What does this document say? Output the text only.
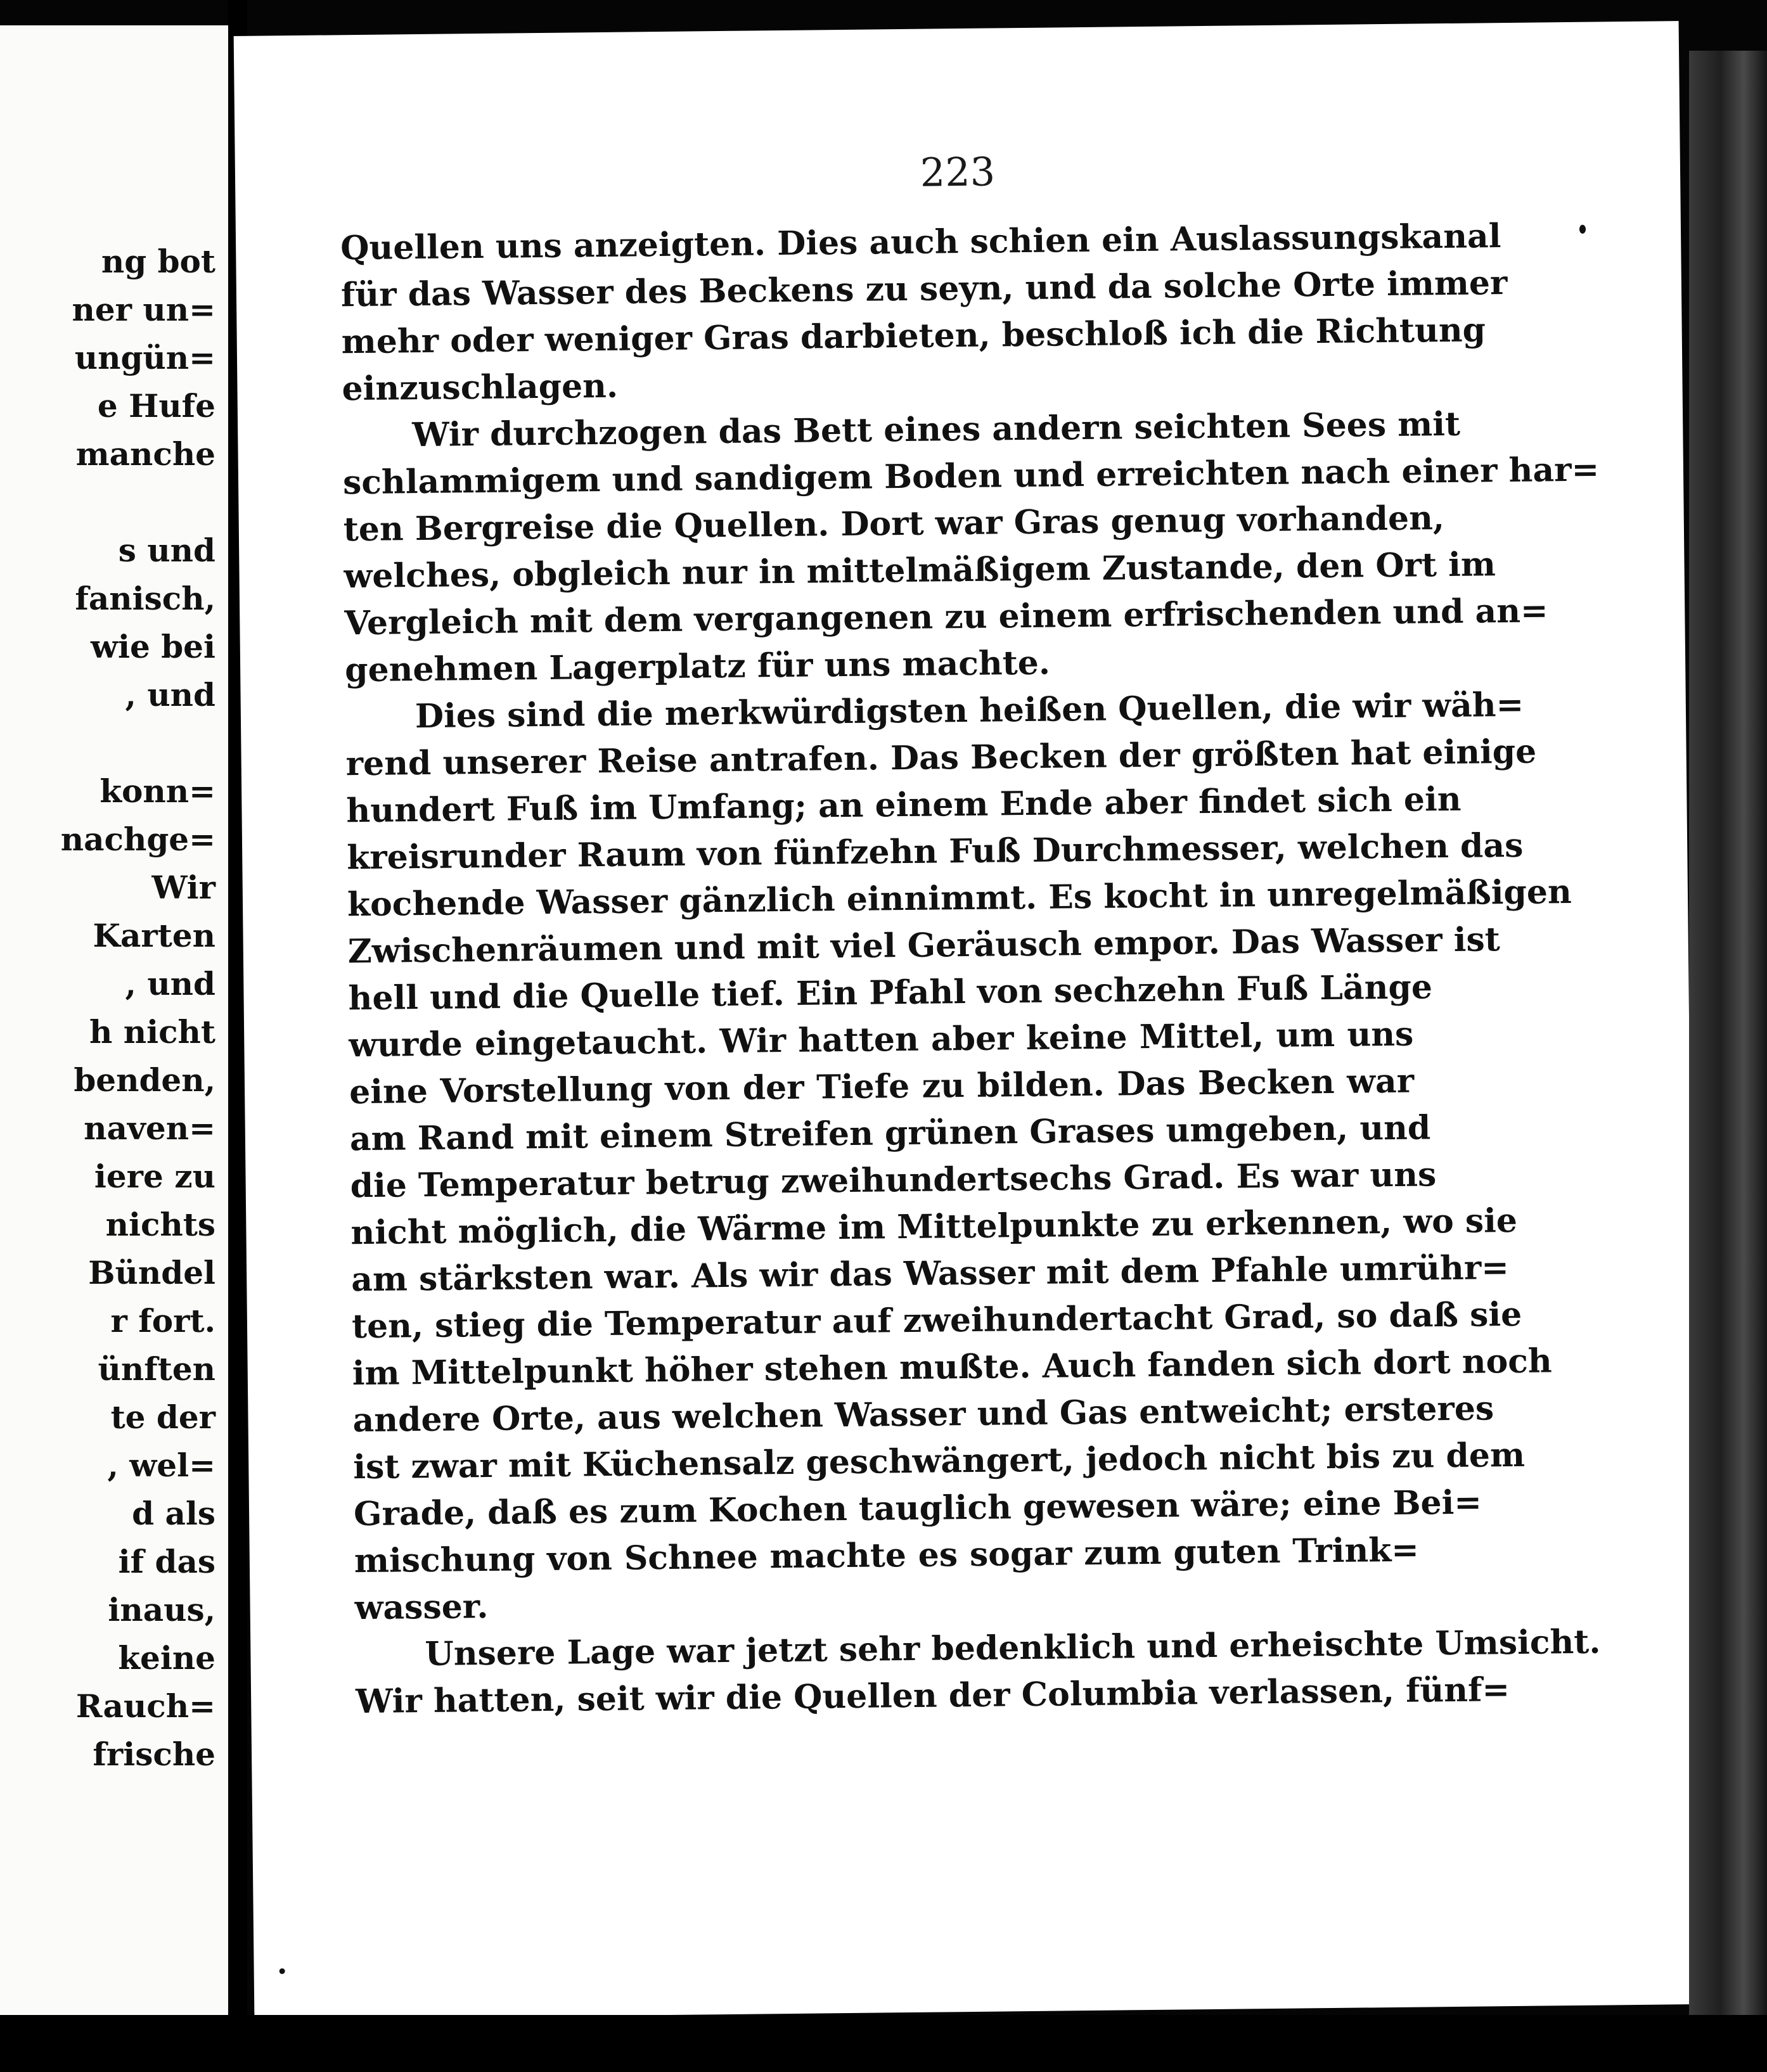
ng bot
ner un=
ungün=
e Hufe
manche
s und
fanisch,
wie bei
, und
konn=
nachge=
Wir
Karten
, und
h nicht
benden,
naven=
iere zu
nichts
Bündel
r fort.
ünften
te der
, wel=
d als
if das
inaus,
keine
Rauch=
frische
223
Quellen uns anzeigten. Dies auch schien ein Auslassungskanal
für das Wasser des Beckens zu seyn, und da solche Orte immer
mehr oder weniger Gras darbieten, beschloß ich die Richtung
einzuschlagen.
Wir durchzogen das Bett eines andern seichten Sees mit
schlammigem und sandigem Boden und erreichten nach einer har=
ten Bergreise die Quellen. Dort war Gras genug vorhanden,
welches, obgleich nur in mittelmäßigem Zustande, den Ort im
Vergleich mit dem vergangenen zu einem erfrischenden und an=
genehmen Lagerplatz für uns machte.
Dies sind die merkwürdigsten heißen Quellen, die wir wäh=
rend unserer Reise antrafen. Das Becken der größten hat einige
hundert Fuß im Umfang; an einem Ende aber findet sich ein
kreisrunder Raum von fünfzehn Fuß Durchmesser, welchen das
kochende Wasser gänzlich einnimmt. Es kocht in unregelmäßigen
Zwischenräumen und mit viel Geräusch empor. Das Wasser ist
hell und die Quelle tief. Ein Pfahl von sechzehn Fuß Länge
wurde eingetaucht. Wir hatten aber keine Mittel, um uns
eine Vorstellung von der Tiefe zu bilden. Das Becken war
am Rand mit einem Streifen grünen Grases umgeben, und
die Temperatur betrug zweihundertsechs Grad. Es war uns
nicht möglich, die Wärme im Mittelpunkte zu erkennen, wo sie
am stärksten war. Als wir das Wasser mit dem Pfahle umrühr=
ten, stieg die Temperatur auf zweihundertacht Grad, so daß sie
im Mittelpunkt höher stehen mußte. Auch fanden sich dort noch
andere Orte, aus welchen Wasser und Gas entweicht; ersteres
ist zwar mit Küchensalz geschwängert, jedoch nicht bis zu dem
Grade, daß es zum Kochen tauglich gewesen wäre; eine Bei=
mischung von Schnee machte es sogar zum guten Trink=
wasser.
Unsere Lage war jetzt sehr bedenklich und erheischte Umsicht.
Wir hatten, seit wir die Quellen der Columbia verlassen, fünf=
